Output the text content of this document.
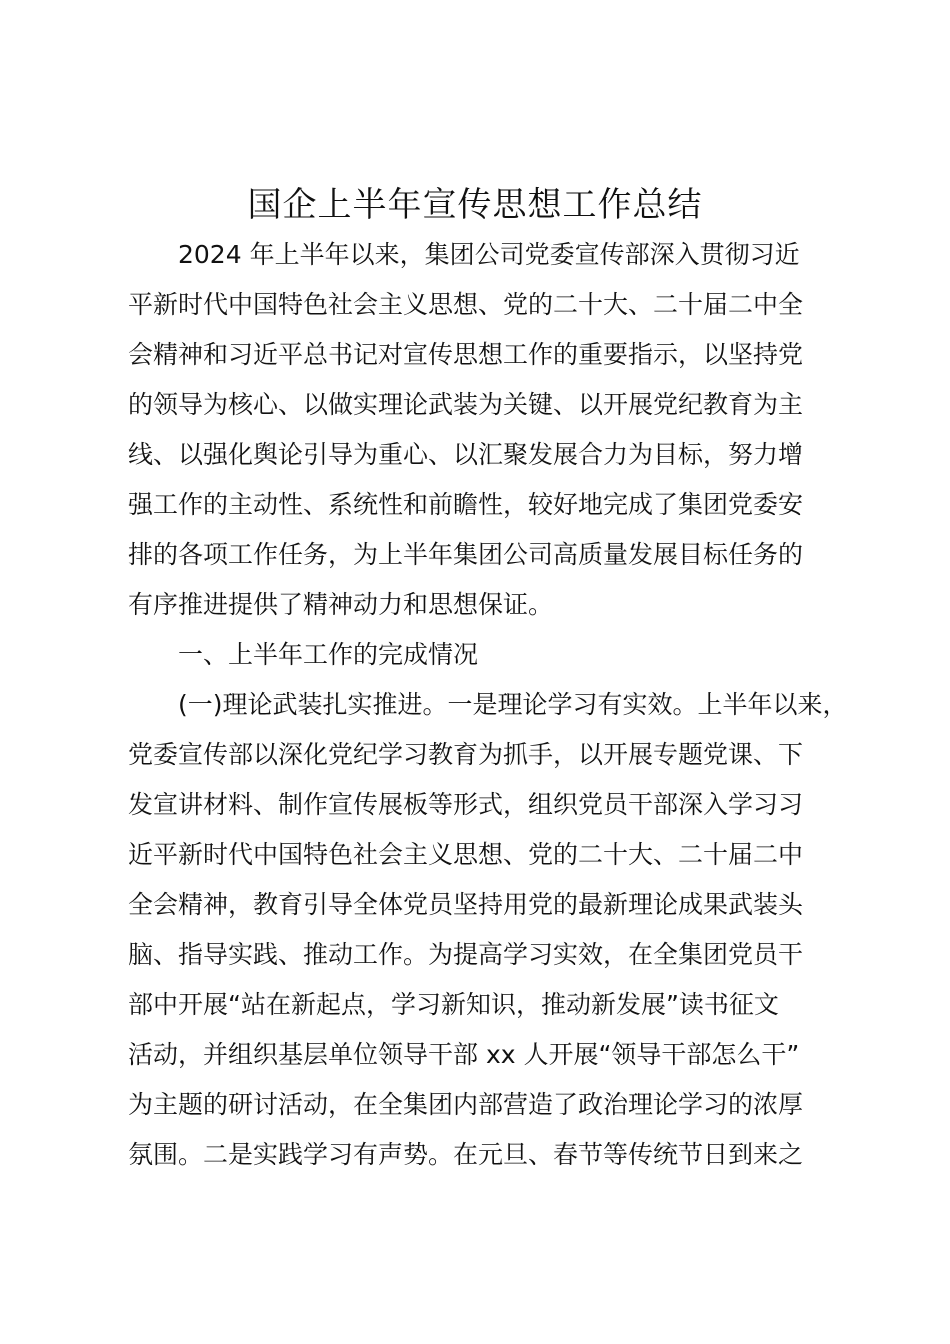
国企上半年宣传思想工作总结
2024 年上半年以来，集团公司党委宣传部深入贯彻习近
平新时代中国特色社会主义思想、党的二十大、二十届二中全
会精神和习近平总书记对宣传思想工作的重要指示，以坚持党
的领导为核心、以做实理论武装为关键、以开展党纪教育为主
线、以强化舆论引导为重心、以汇聚发展合力为目标，努力增
强工作的主动性、系统性和前瞻性，较好地完成了集团党委安
排的各项工作任务，为上半年集团公司高质量发展目标任务的
有序推进提供了精神动力和思想保证。
一、上半年工作的完成情况
(一)理论武装扎实推进。一是理论学习有实效。上半年以来，
党委宣传部以深化党纪学习教育为抓手，以开展专题党课、下
发宣讲材料、制作宣传展板等形式，组织党员干部深入学习习
近平新时代中国特色社会主义思想、党的二十大、二十届二中
全会精神，教育引导全体党员坚持用党的最新理论成果武装头
脑、指导实践、推动工作。为提高学习实效，在全集团党员干
部中开展“站在新起点，学习新知识，推动新发展”读书征文
活动，并组织基层单位领导干部 xx 人开展“领导干部怎么干”
为主题的研讨活动，在全集团内部营造了政治理论学习的浓厚
氛围。二是实践学习有声势。在元旦、春节等传统节日到来之
